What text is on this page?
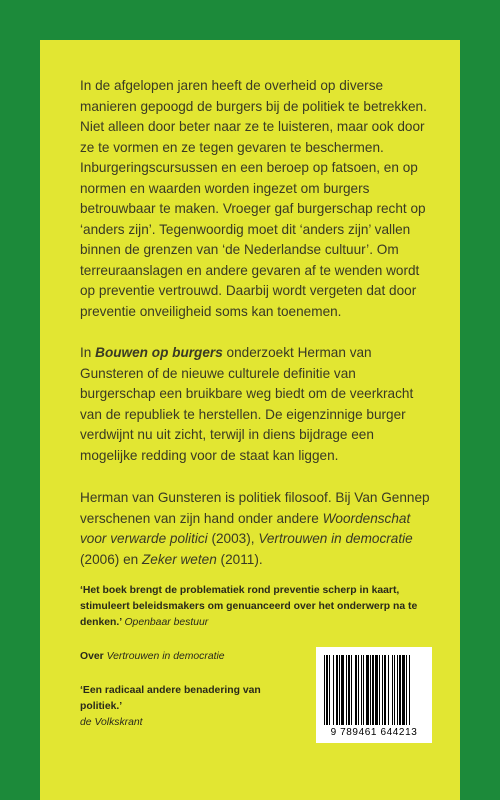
In de afgelopen jaren heeft de overheid op diverse manieren gepoogd de burgers bij de politiek te betrekken. Niet alleen door beter naar ze te luisteren, maar ook door ze te vormen en ze tegen gevaren te beschermen. Inburgeringscursussen en een beroep op fatsoen, en op normen en waarden worden ingezet om burgers betrouwbaar te maken. Vroeger gaf burgerschap recht op ‘anders zijn’. Tegenwoordig moet dit ‘anders zijn’ vallen binnen de grenzen van ‘de Nederlandse cultuur’. Om terreuraanslagen en andere gevaren af te wenden wordt op preventie vertrouwd. Daarbij wordt vergeten dat door preventie onveiligheid soms kan toenemen.

In Bouwen op burgers onderzoekt Herman van Gunsteren of de nieuwe culturele definitie van burgerschap een bruikbare weg biedt om de veerkracht van de republiek te herstellen. De eigenzinnige burger verdwijnt nu uit zicht, terwijl in diens bijdrage een mogelijke redding voor de staat kan liggen.

Herman van Gunsteren is politiek filosoof. Bij Van Gennep verschenen van zijn hand onder andere Woordenschat voor verwarde politici (2003), Vertrouwen in democratie (2006) en Zeker weten (2011).

‘Het boek brengt de problematiek rond preventie scherp in kaart, stimuleert beleidsmakers om genuanceerd over het onderwerp na te denken.’ Openbaar bestuur
Over Vertrouwen in democratie
‘Een radicaal andere benadering van politiek.’
de Volkskrant
9 789461 644213
